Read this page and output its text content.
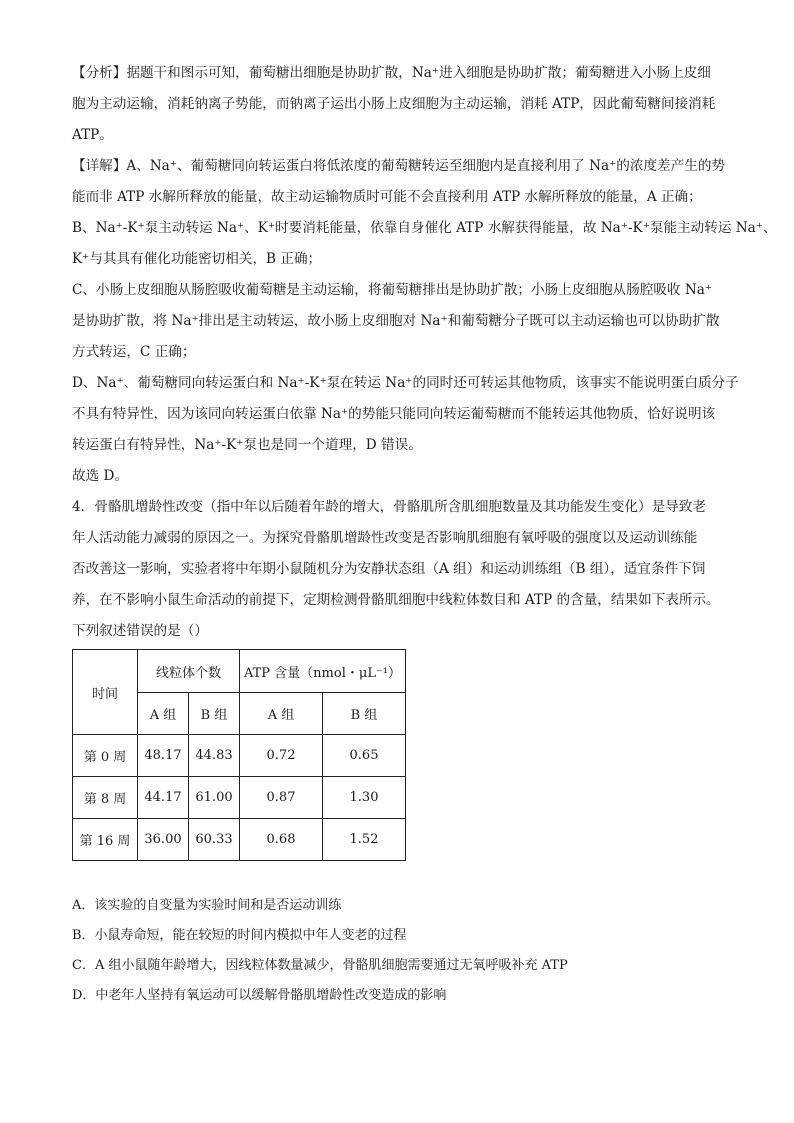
【分析】据题干和图示可知，葡萄糖出细胞是协助扩散，Na⁺进入细胞是协助扩散；葡萄糖进入小肠上皮细
胞为主动运输，消耗钠离子势能，而钠离子运出小肠上皮细胞为主动运输，消耗 ATP，因此葡萄糖间接消耗
ATP。
【详解】A、Na⁺、葡萄糖同向转运蛋白将低浓度的葡萄糖转运至细胞内是直接利用了 Na⁺的浓度差产生的势
能而非 ATP 水解所释放的能量，故主动运输物质时可能不会直接利用 ATP 水解所释放的能量，A 正确；
B、Na⁺-K⁺泵主动转运 Na⁺、K⁺时要消耗能量，依靠自身催化 ATP 水解获得能量，故 Na⁺-K⁺泵能主动转运 Na⁺、
K⁺与其具有催化功能密切相关，B 正确；
C、小肠上皮细胞从肠腔吸收葡萄糖是主动运输，将葡萄糖排出是协助扩散；小肠上皮细胞从肠腔吸收 Na⁺
是协助扩散，将 Na⁺排出是主动转运，故小肠上皮细胞对 Na⁺和葡萄糖分子既可以主动运输也可以协助扩散
方式转运，C 正确；
D、Na⁺、葡萄糖同向转运蛋白和 Na⁺-K⁺泵在转运 Na⁺的同时还可转运其他物质，该事实不能说明蛋白质分子
不具有特异性，因为该同向转运蛋白依靠 Na⁺的势能只能同向转运葡萄糖而不能转运其他物质，恰好说明该
转运蛋白有特异性，Na⁺-K⁺泵也是同一个道理，D 错误。
故选 D。
4．骨骼肌增龄性改变（指中年以后随着年龄的增大，骨骼肌所含肌细胞数量及其功能发生变化）是导致老
年人活动能力减弱的原因之一。为探究骨骼肌增龄性改变是否影响肌细胞有氧呼吸的强度以及运动训练能
否改善这一影响，实验者将中年期小鼠随机分为安静状态组（A 组）和运动训练组（B 组），适宜条件下饲
养，在不影响小鼠生命活动的前提下，定期检测骨骼肌细胞中线粒体数目和 ATP 的含量，结果如下表所示。
下列叙述错误的是（）
时间	线粒体个数		ATP 含量（nmol・μL⁻¹）	
	A 组	B 组	A 组	B 组
第 0 周	48.17	44.83	0.72	0.65
第 8 周	44.17	61.00	0.87	1.30
第 16 周	36.00	60.33	0.68	1.52
A．该实验的自变量为实验时间和是否运动训练
B．小鼠寿命短，能在较短的时间内模拟中年人变老的过程
C．A 组小鼠随年龄增大，因线粒体数量减少，骨骼肌细胞需要通过无氧呼吸补充 ATP
D．中老年人坚持有氧运动可以缓解骨骼肌增龄性改变造成的影响
